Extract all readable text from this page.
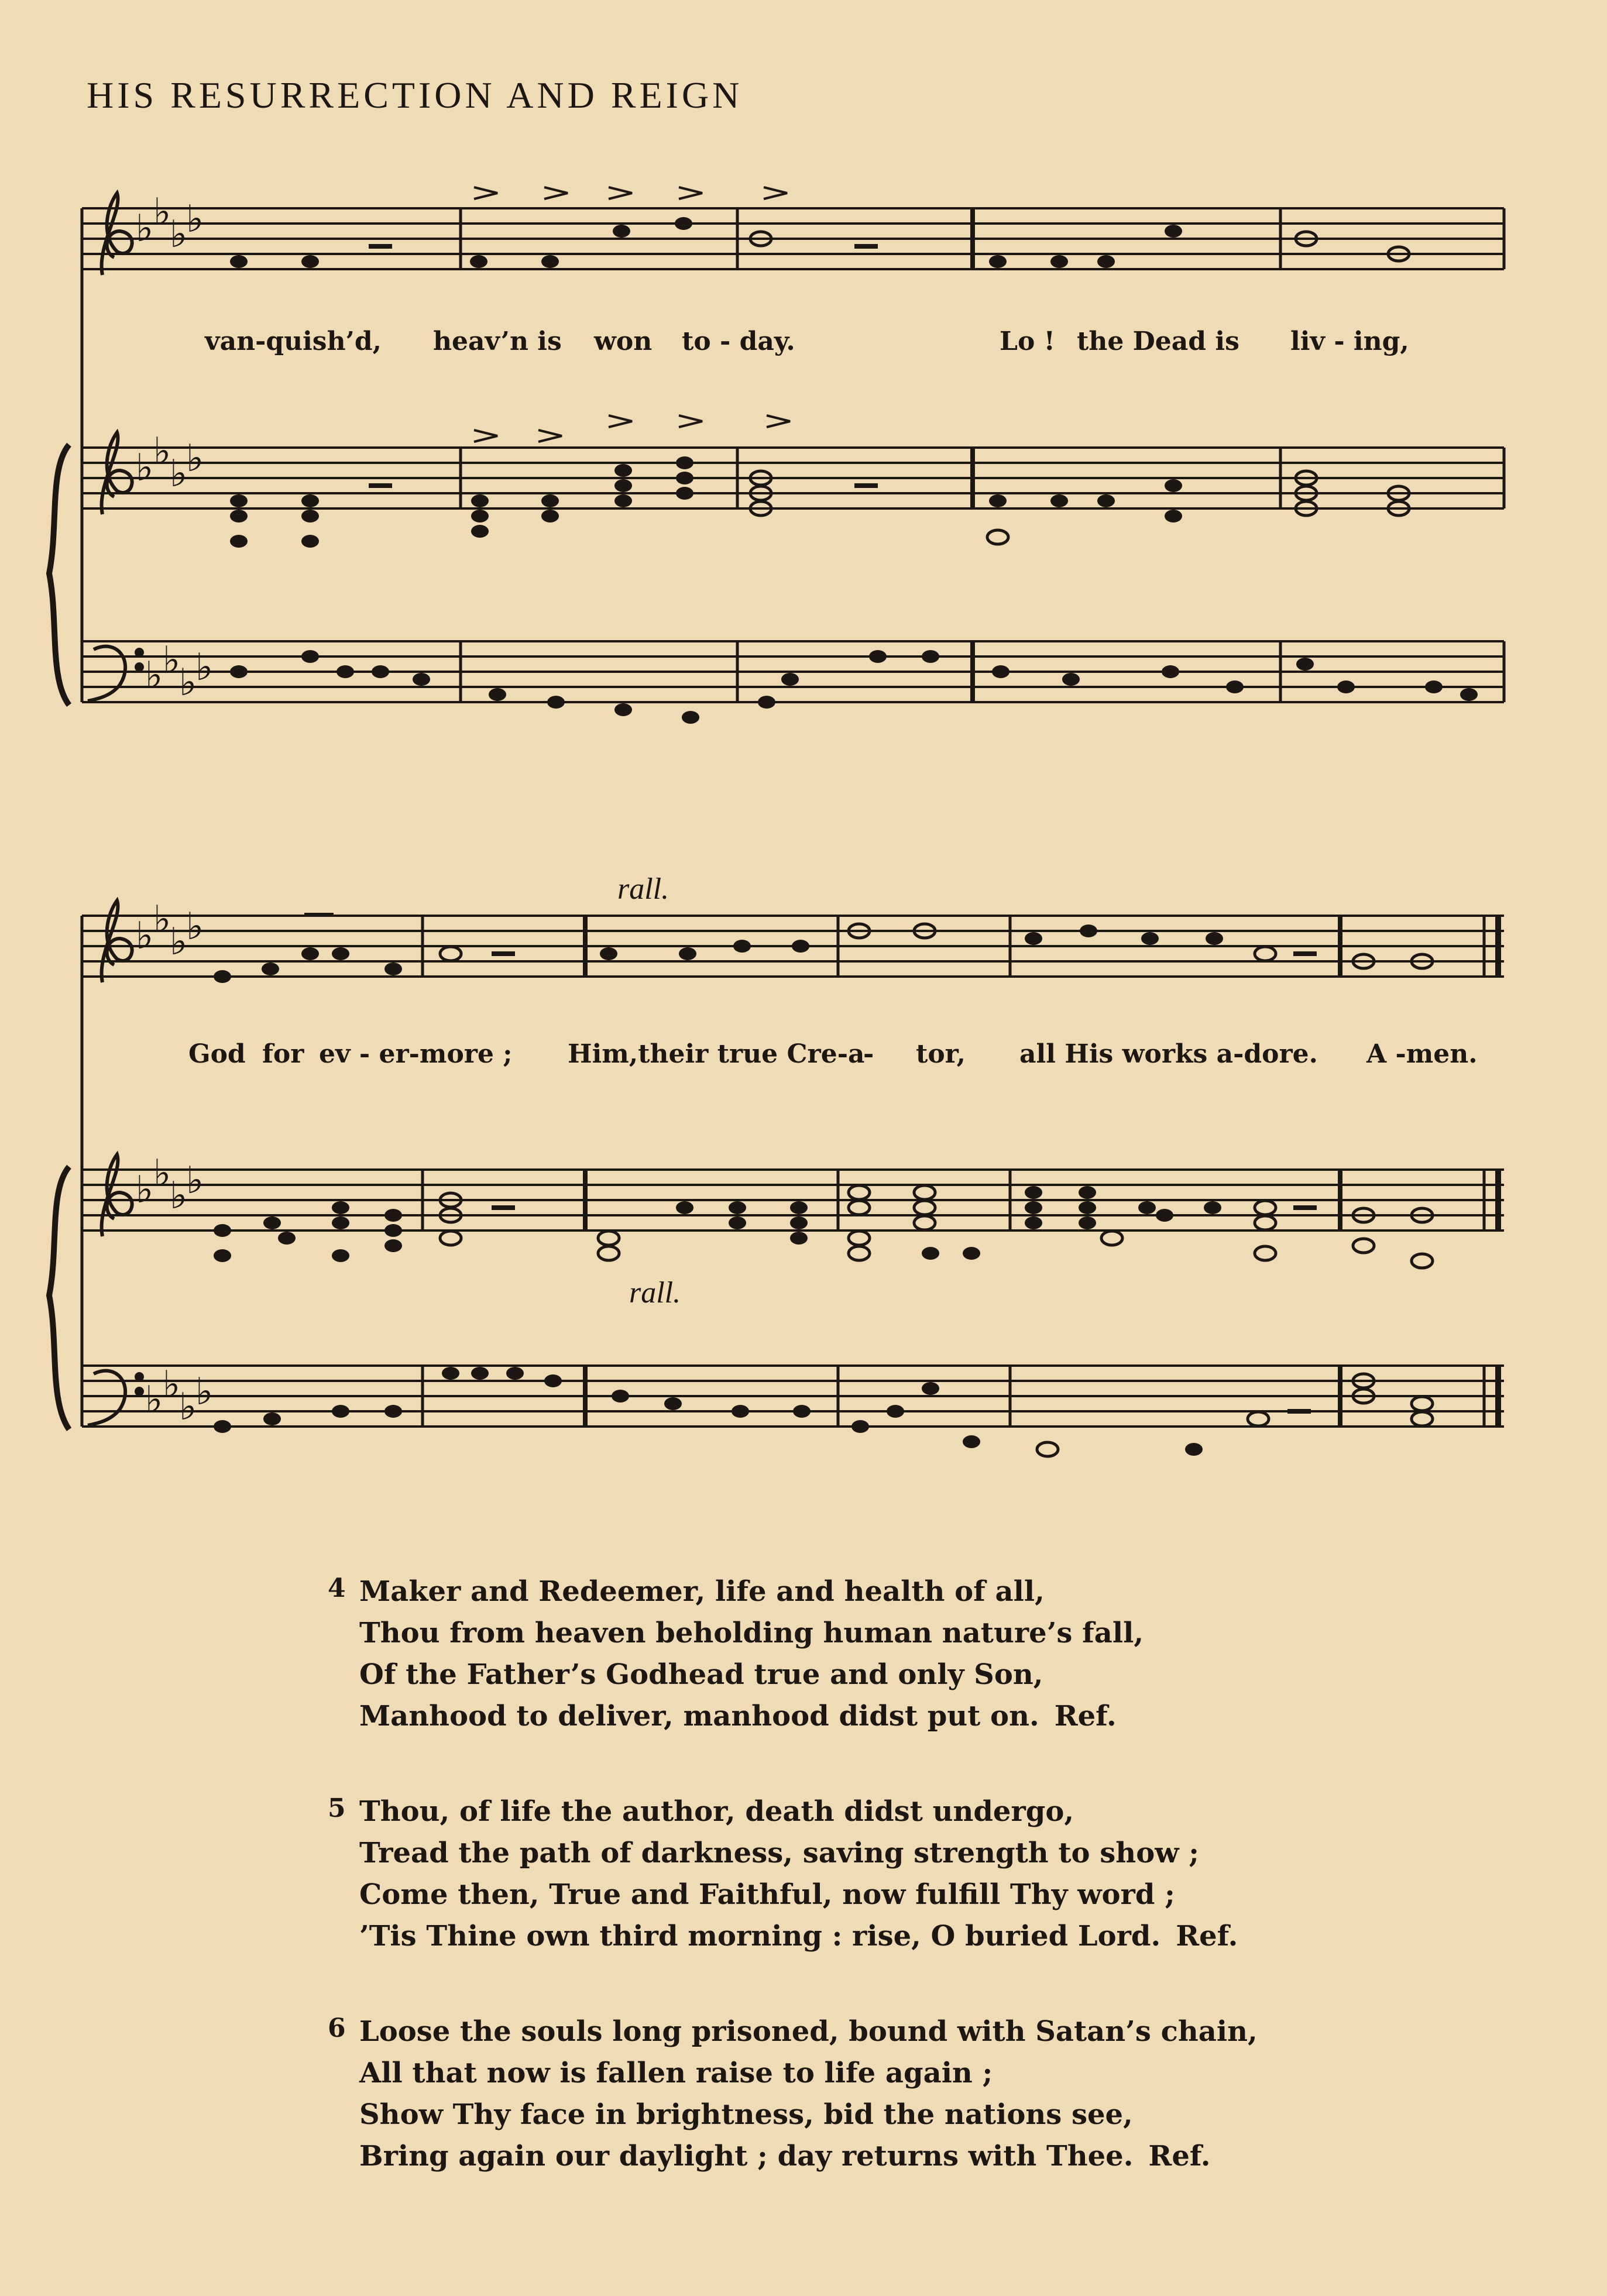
HIS RESURRECTION AND REIGN
♭ ♭
♭
♭
♭ ♭
♭
♭
♭ ♭
♭
♭
♭ ♭
♭
♭
♭ ♭
♭
♭
♭ ♭
♭
♭
van-quish’d, heav’n is won to - day.	Lo ! the Dead is liv - ing,
rall.
rall.
God for ev - er-more ; Him,their true Cre-a
- tor, all His works a-dore. A -men.
4 Maker and Redeemer, life and health of all,
Thou from heaven beholding human nature’s fall,
Of the Father’s Godhead true and only Son,
Manhood to deliver, manhood didst put on. Ref.
5 Thou, of life the author, death didst undergo,
Tread the path of darkness, saving strength to show ;
Come then, True and Faithful, now fulfill Thy word ;
’Tis Thine own third morning : rise, O buried Lord. Ref.
6 Loose the souls long prisoned, bound with Satan’s chain,
All that now is fallen raise to life again ;
Show Thy face in brightness, bid the nations see,
Bring again our daylight ; day returns with Thee. Ref.
